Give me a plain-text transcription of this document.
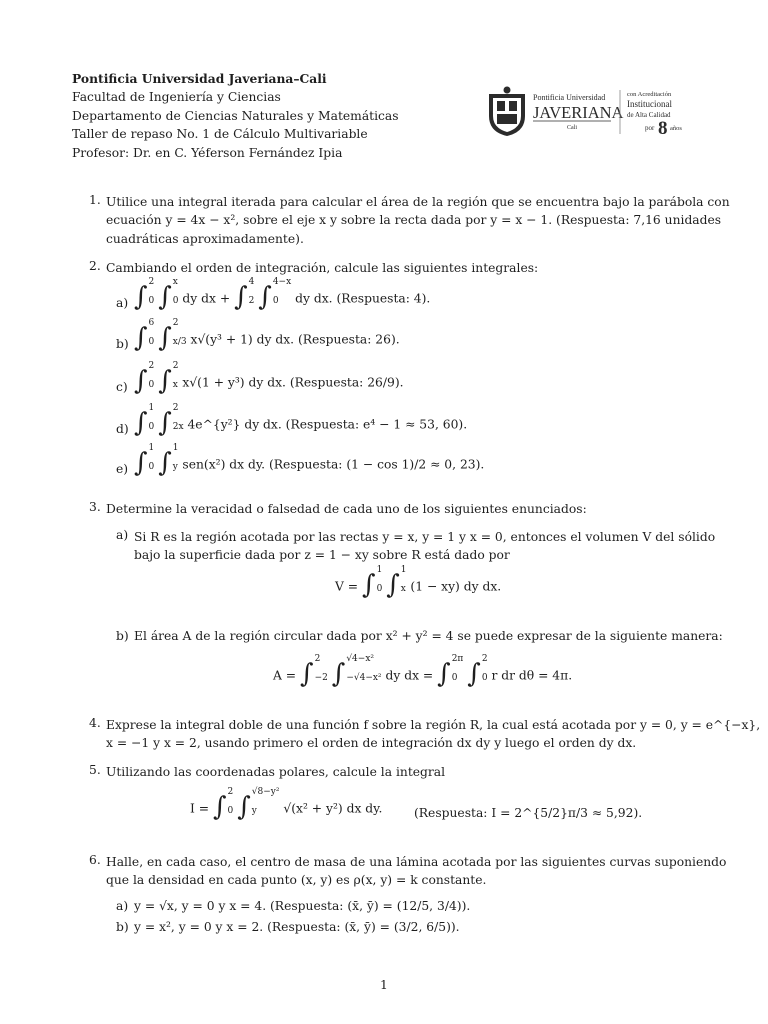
Pontificia Universidad Javeriana–Cali
Facultad de Ingeniería y Ciencias
Departamento de Ciencias Naturales y Matemáticas
Taller de repaso No. 1 de Cálculo Multivariable
Profesor: Dr. en C. Yéferson Fernández Ipia
Pontificia Universidad
JAVERIANA
Cali
con Acreditación
Institucional
de Alta Calidad
por 8 años
1. Utilice una integral iterada para calcular el área de la región que se encuentra bajo la parábola con
ecuación y = 4x − x², sobre el eje x y sobre la recta dada por y = x − 1. (Respuesta: 7,16 unidades
cuadráticas aproximadamente).
2. Cambiando el orden de integración, calcule las siguientes integrales:
a) ∫ 2
0 ∫ x
0 dy dx + ∫ 4
2 ∫ 4−x
0	dy dx. (Respuesta: 4).
b) ∫ 6
0 ∫ 2
x/3 x√(y³ + 1) dy dx. (Respuesta: 26).
c) ∫ 2
0 ∫ 2
x x√(1 + y³) dy dx. (Respuesta: 26/9).
d) ∫ 1
0 ∫ 2
2x 4e^{y²} dy dx. (Respuesta: e⁴ − 1 ≈ 53, 60).
e) ∫ 1
0 ∫ 1
y sen(x²) dx dy. (Respuesta: (1 − cos 1)/2 ≈ 0, 23).
3. Determine la veracidad o falsedad de cada uno de los siguientes enunciados:
a) Si R es la región acotada por las rectas y = x, y = 1 y x = 0, entonces el volumen V del sólido
bajo la superficie dada por z = 1 − xy sobre R está dado por
V = ∫ 1
0 ∫ 1
x (1 − xy) dy dx.
b) El área A de la región circular dada por x² + y² = 4 se puede expresar de la siguiente manera:
A = ∫ 2
−2 ∫ √4−x²
−√4−x² dy dx = ∫ 2π
0 ∫ 2
0 r dr dθ = 4π.
4. Exprese la integral doble de una función f sobre la región R, la cual está acotada por y = 0, y = e^{−x},
x = −1 y x = 2, usando primero el orden de integración dx dy y luego el orden dy dx.
5. Utilizando las coordenadas polares, calcule la integral
I = ∫ 2
0 ∫ √8−y²
y	√(x² + y²) dx dy.	(Respuesta: I = 2^{5/2}π/3 ≈ 5,92).
6. Halle, en cada caso, el centro de masa de una lámina acotada por las siguientes curvas suponiendo
que la densidad en cada punto (x, y) es ρ(x, y) = k constante.
a) y = √x, y = 0 y x = 4. (Respuesta: (x̄, ȳ) = (12/5, 3/4)).
b) y = x², y = 0 y x = 2. (Respuesta: (x̄, ȳ) = (3/2, 6/5)).
1
